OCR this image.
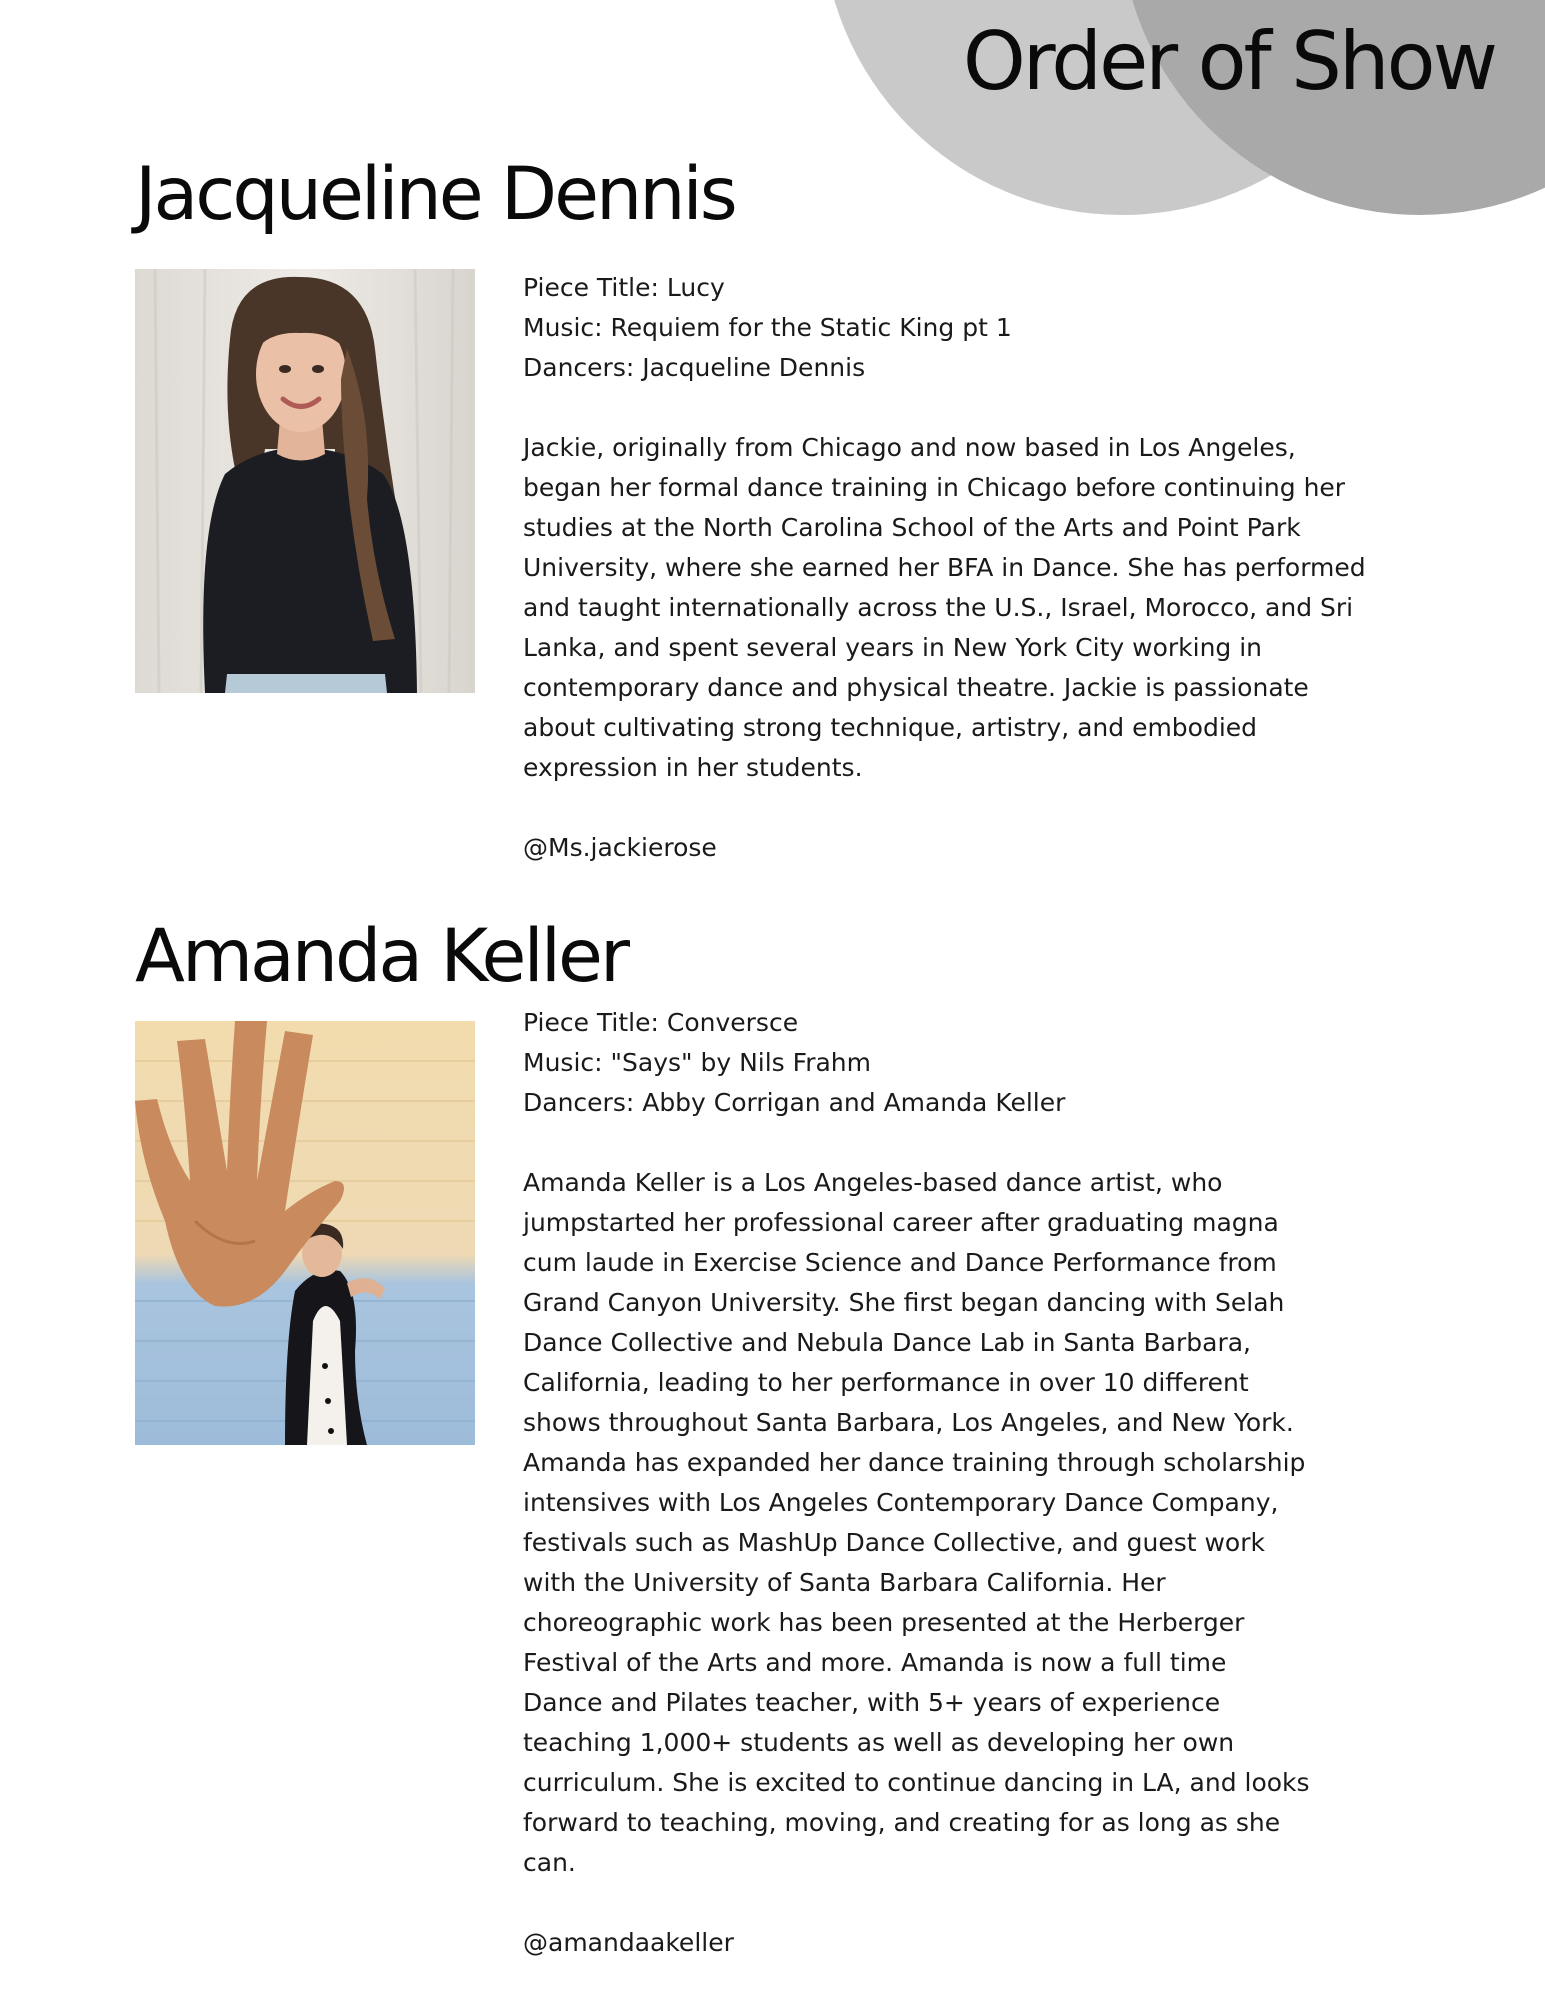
Order of Show
Jacqueline Dennis

Piece Title: Lucy

Music: Requiem for the Static King pt 1

Dancers: Jacqueline Dennis

Jackie, originally from Chicago and now based in Los Angeles,

began her formal dance training in Chicago before continuing her

studies at the North Carolina School of the Arts and Point Park

University, where she earned her BFA in Dance. She has performed

and taught internationally across the U.S., Israel, Morocco, and Sri

Lanka, and spent several years in New York City working in

contemporary dance and physical theatre. Jackie is passionate

about cultivating strong technique, artistry, and embodied

expression in her students.

@Ms.jackierose

Amanda Keller

Piece Title: Conversce

Music: "Says" by Nils Frahm

Dancers: Abby Corrigan and Amanda Keller

Amanda Keller is a Los Angeles-based dance artist, who

jumpstarted her professional career after graduating magna

cum laude in Exercise Science and Dance Performance from

Grand Canyon University. She first began dancing with Selah

Dance Collective and Nebula Dance Lab in Santa Barbara,

California, leading to her performance in over 10 different

shows throughout Santa Barbara, Los Angeles, and New York.

Amanda has expanded her dance training through scholarship

intensives with Los Angeles Contemporary Dance Company,

festivals such as MashUp Dance Collective, and guest work

with the University of Santa Barbara California. Her

choreographic work has been presented at the Herberger

Festival of the Arts and more. Amanda is now a full time

Dance and Pilates teacher, with 5+ years of experience

teaching 1,000+ students as well as developing her own

curriculum. She is excited to continue dancing in LA, and looks

forward to teaching, moving, and creating for as long as she

can.

@amandaakeller
